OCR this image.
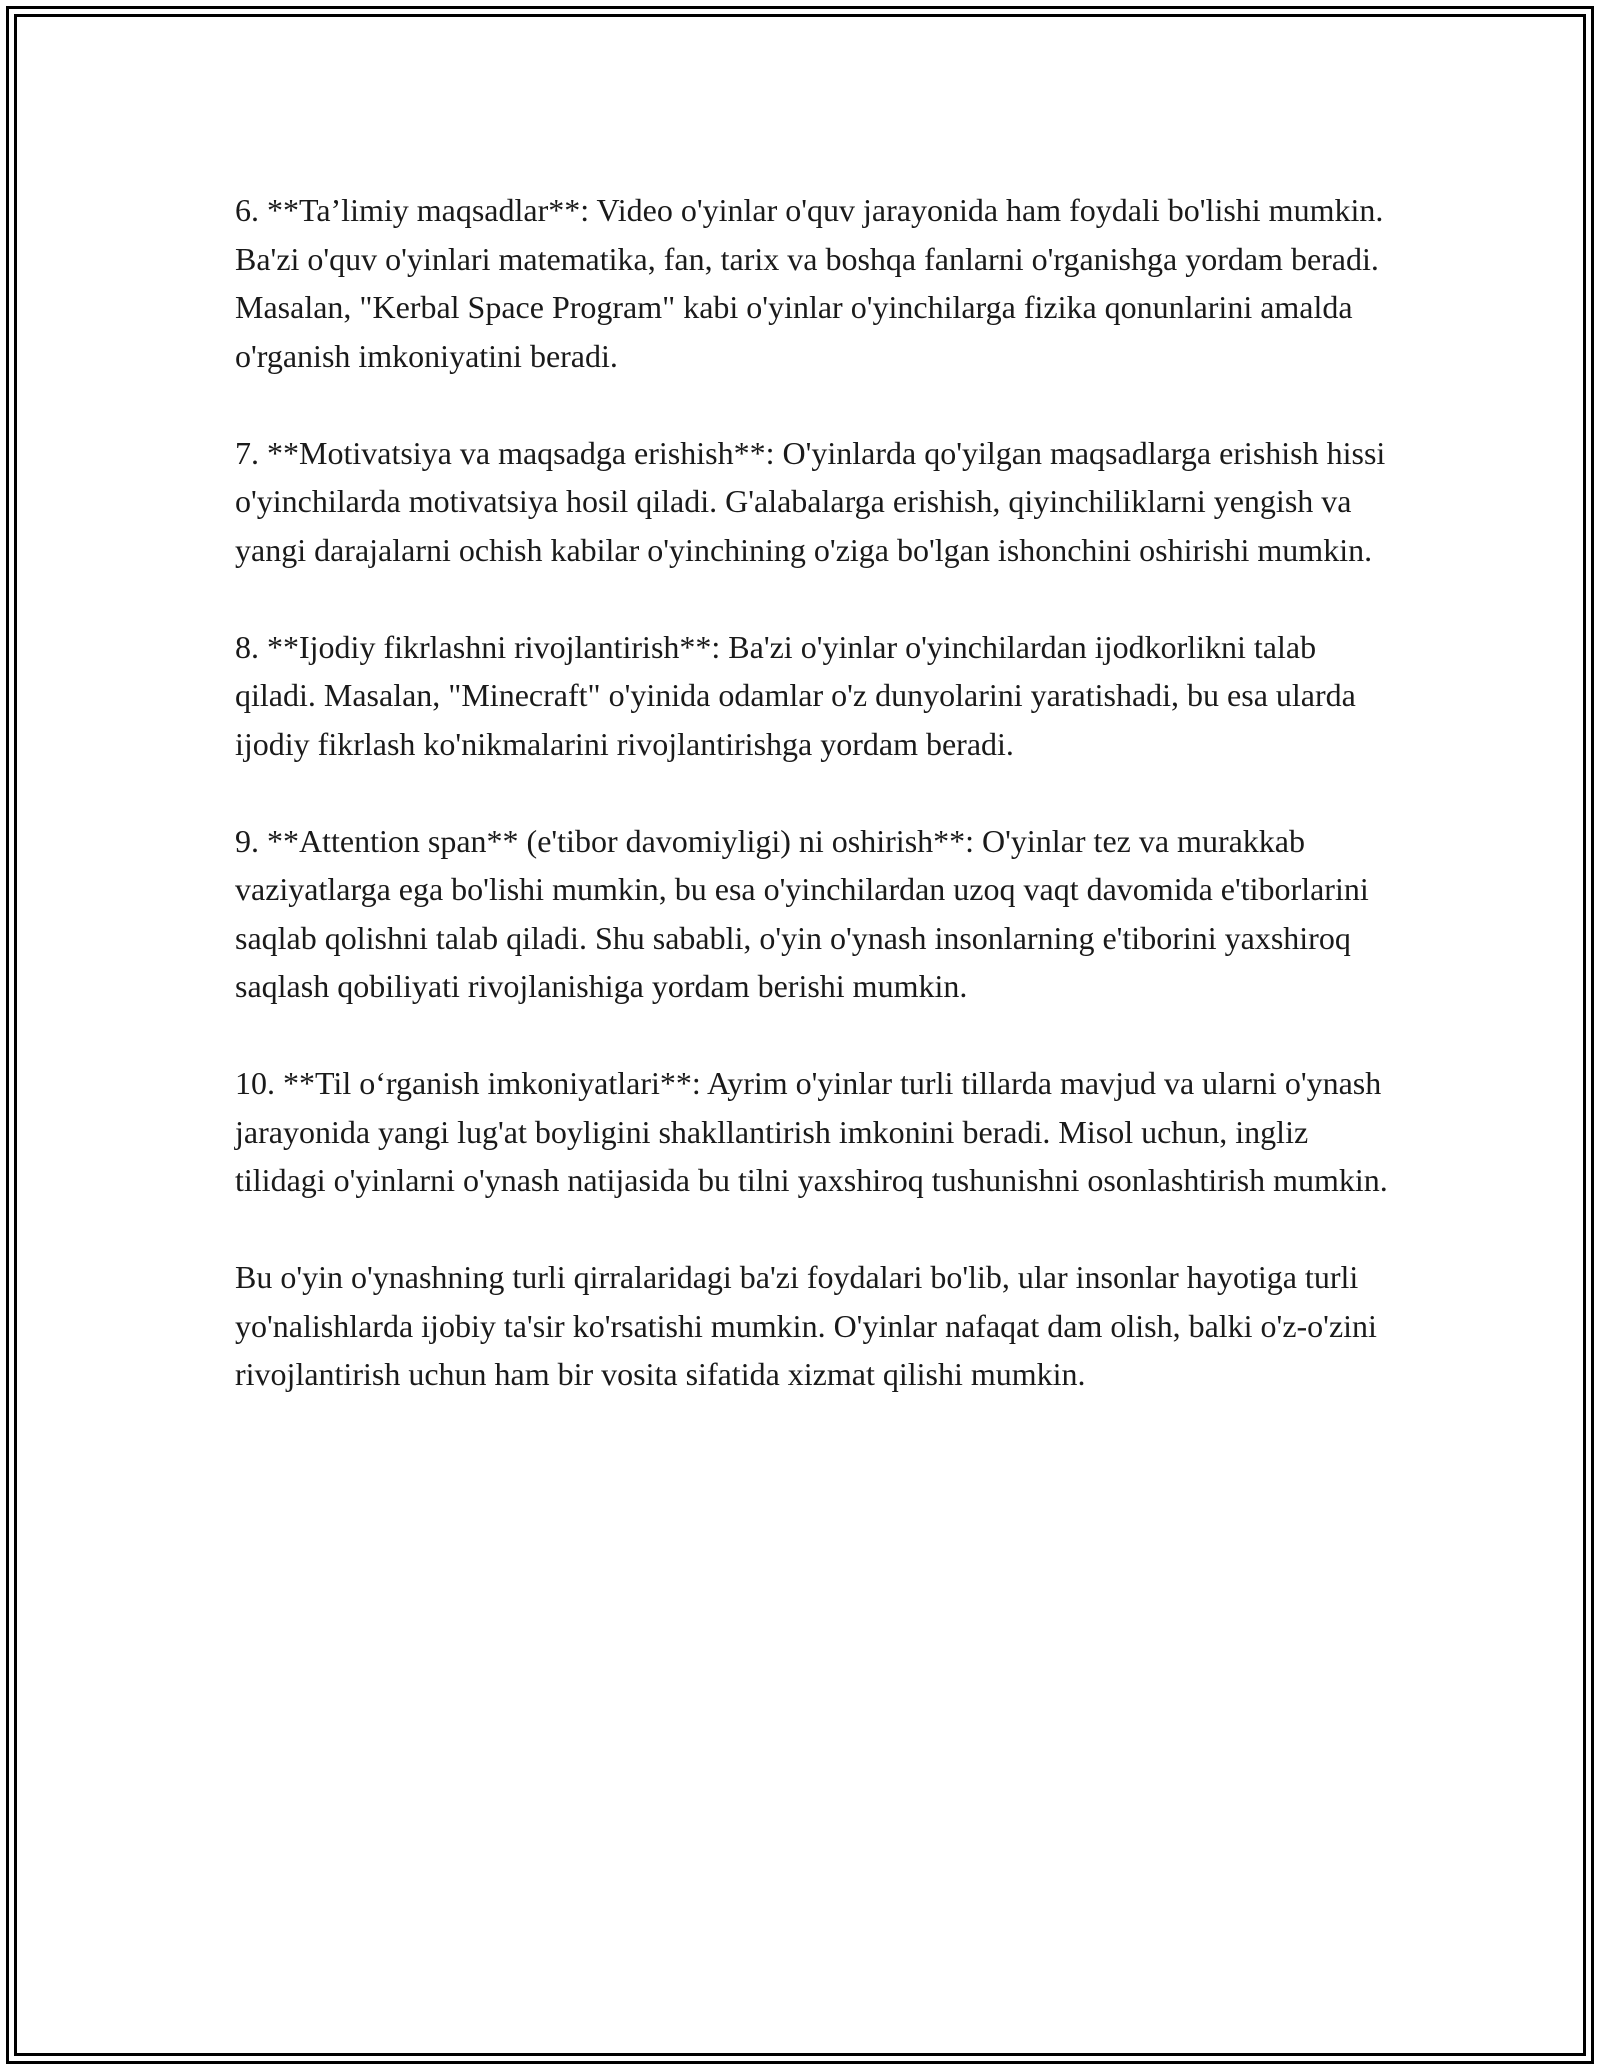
6. **Ta’limiy maqsadlar**: Video o'yinlar o'quv jarayonida ham foydali bo'lishi mumkin. Ba'zi o'quv o'yinlari matematika, fan, tarix va boshqa fanlarni o'rganishga yordam beradi. Masalan, "Kerbal Space Program" kabi o'yinlar o'yinchilarga fizika qonunlarini amalda o'rganish imkoniyatini beradi.

7. **Motivatsiya va maqsadga erishish**: O'yinlarda qo'yilgan maqsadlarga erishish hissi o'yinchilarda motivatsiya hosil qiladi. G'alabalarga erishish, qiyinchiliklarni yengish va yangi darajalarni ochish kabilar o'yinchining o'ziga bo'lgan ishonchini oshirishi mumkin.

8. **Ijodiy fikrlashni rivojlantirish**: Ba'zi o'yinlar o'yinchilardan ijodkorlikni talab qiladi. Masalan, "Minecraft" o'yinida odamlar o'z dunyolarini yaratishadi, bu esa ularda ijodiy fikrlash ko'nikmalarini rivojlantirishga yordam beradi.

9. **Attention span** (e'tibor davomiyligi) ni oshirish**: O'yinlar tez va murakkab vaziyatlarga ega bo'lishi mumkin, bu esa o'yinchilardan uzoq vaqt davomida e'tiborlarini saqlab qolishni talab qiladi. Shu sababli, o'yin o'ynash insonlarning e'tiborini yaxshiroq saqlash qobiliyati rivojlanishiga yordam berishi mumkin.

10. **Til o‘rganish imkoniyatlari**: Ayrim o'yinlar turli tillarda mavjud va ularni o'ynash jarayonida yangi lug'at boyligini shakllantirish imkonini beradi. Misol uchun, ingliz tilidagi o'yinlarni o'ynash natijasida bu tilni yaxshiroq tushunishni osonlashtirish mumkin.

Bu o'yin o'ynashning turli qirralaridagi ba'zi foydalari bo'lib, ular insonlar hayotiga turli yo'nalishlarda ijobiy ta'sir ko'rsatishi mumkin. O'yinlar nafaqat dam olish, balki o'z-o'zini rivojlantirish uchun ham bir vosita sifatida xizmat qilishi mumkin.
